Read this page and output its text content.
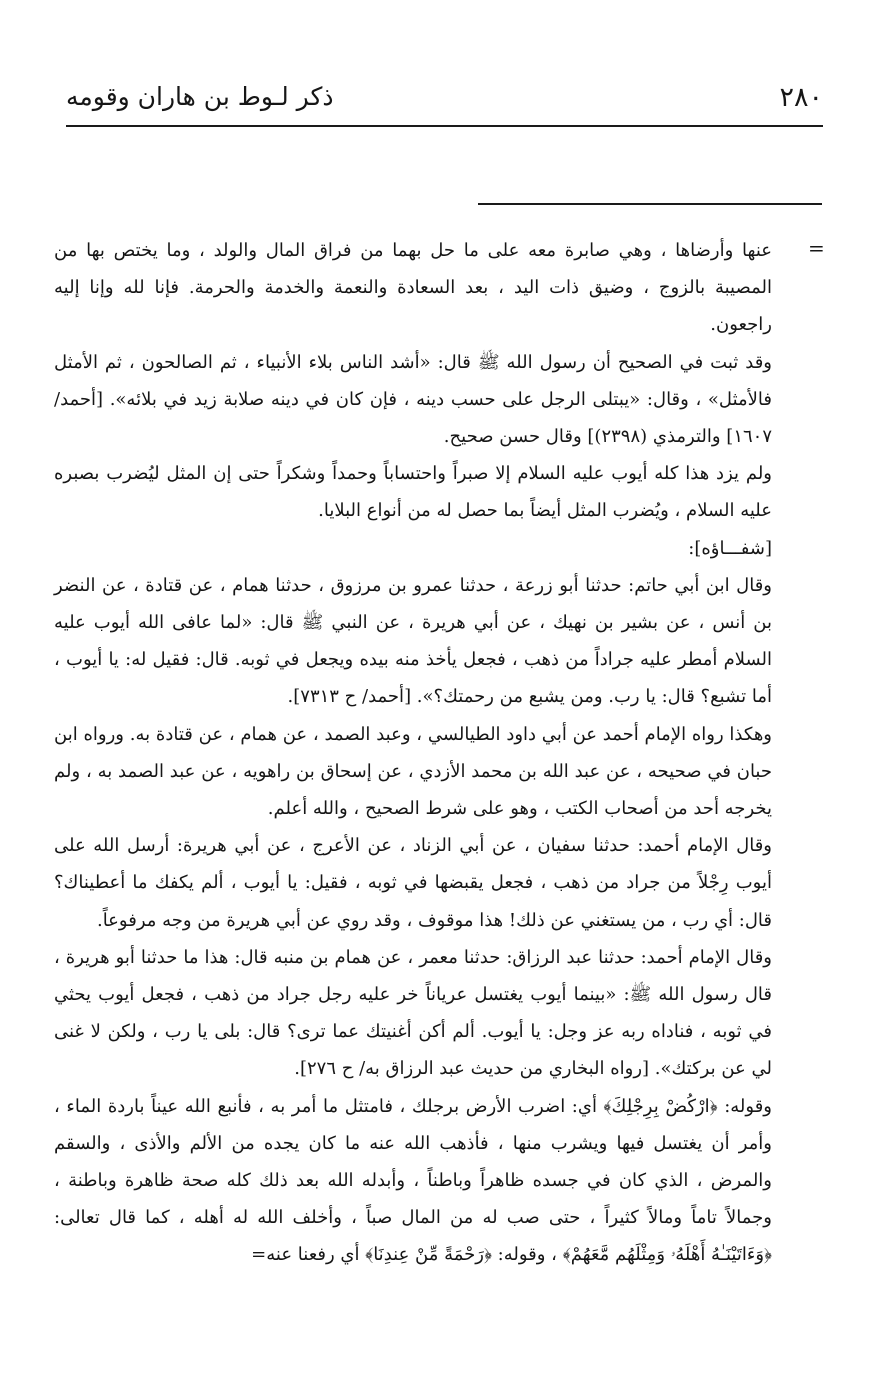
ذكر لـوط بن هاران وقومه	٢٨٠
=

عنها وأرضاها ، وهي صابرة معه على ما حل بهما من فراق المال والولد ، وما يختص بها من المصيبة بالزوج ، وضيق ذات اليد ، بعد السعادة والنعمة والخدمة والحرمة. فإنا لله وإنا إليه راجعون.

وقد ثبت في الصحيح أن رسول الله ﷺ قال: «أشد الناس بلاء الأنبياء ، ثم الصالحون ، ثم الأمثل فالأمثل» ، وقال: «يبتلى الرجل على حسب دينه ، فإن كان في دينه صلابة زيد في بلائه». [أحمد/ ١٦٠٧] والترمذي (٢٣٩٨)] وقال حسن صحيح.

ولم يزد هذا كله أيوب عليه السلام إلا صبراً واحتساباً وحمداً وشكراً حتى إن المثل ليُضرب بصبره عليه السلام ، ويُضرب المثل أيضاً بما حصل له من أنواع البلايا.

[شفـــاؤه]:

وقال ابن أبي حاتم: حدثنا أبو زرعة ، حدثنا عمرو بن مرزوق ، حدثنا همام ، عن قتادة ، عن النضر بن أنس ، عن بشير بن نهيك ، عن أبي هريرة ، عن النبي ﷺ قال: «لما عافى الله أيوب عليه السلام أمطر عليه جراداً من ذهب ، فجعل يأخذ منه بيده ويجعل في ثوبه. قال: فقيل له: يا أيوب ، أما تشبع؟ قال: يا رب. ومن يشبع من رحمتك؟». [أحمد/ ح ٧٣١٣].

وهكذا رواه الإمام أحمد عن أبي داود الطيالسي ، وعبد الصمد ، عن همام ، عن قتادة به. ورواه ابن حبان في صحيحه ، عن عبد الله بن محمد الأزدي ، عن إسحاق بن راهويه ، عن عبد الصمد به ، ولم يخرجه أحد من أصحاب الكتب ، وهو على شرط الصحيح ، والله أعلم.

وقال الإمام أحمد: حدثنا سفيان ، عن أبي الزناد ، عن الأعرج ، عن أبي هريرة: أرسل الله على أيوب رِجْلاً من جراد من ذهب ، فجعل يقبضها في ثوبه ، فقيل: يا أيوب ، ألم يكفك ما أعطيناك؟ قال: أي رب ، من يستغني عن ذلك! هذا موقوف ، وقد روي عن أبي هريرة من وجه مرفوعاً.

وقال الإمام أحمد: حدثنا عبد الرزاق: حدثنا معمر ، عن همام بن منبه قال: هذا ما حدثنا أبو هريرة ، قال رسول الله ﷺ: «بينما أيوب يغتسل عرياناً خر عليه رجل جراد من ذهب ، فجعل أيوب يحثي في ثوبه ، فناداه ربه عز وجل: يا أيوب. ألم أكن أغنيتك عما ترى؟ قال: بلى يا رب ، ولكن لا غنى لي عن بركتك». [رواه البخاري من حديث عبد الرزاق به/ ح ٢٧٦].

وقوله: ﴿ارْكُضْ بِرِجْلِكَ﴾ أي: اضرب الأرض برجلك ، فامتثل ما أمر به ، فأنبع الله عيناً باردة الماء ، وأمر أن يغتسل فيها ويشرب منها ، فأذهب الله عنه ما كان يجده من الألم والأذى ، والسقم والمرض ، الذي كان في جسده ظاهراً وباطناً ، وأبدله الله بعد ذلك كله صحة ظاهرة وباطنة ، وجمالاً تاماً ومالاً كثيراً ، حتى صب له من المال صباً ، وأخلف الله له أهله ، كما قال تعالى: ﴿وَءَاتَيْنَـٰهُ أَهْلَهُۥ وَمِثْلَهُم مَّعَهُمْ﴾ ، وقوله: ﴿رَحْمَةً مِّنْ عِندِنَا﴾ أي رفعنا عنه=
